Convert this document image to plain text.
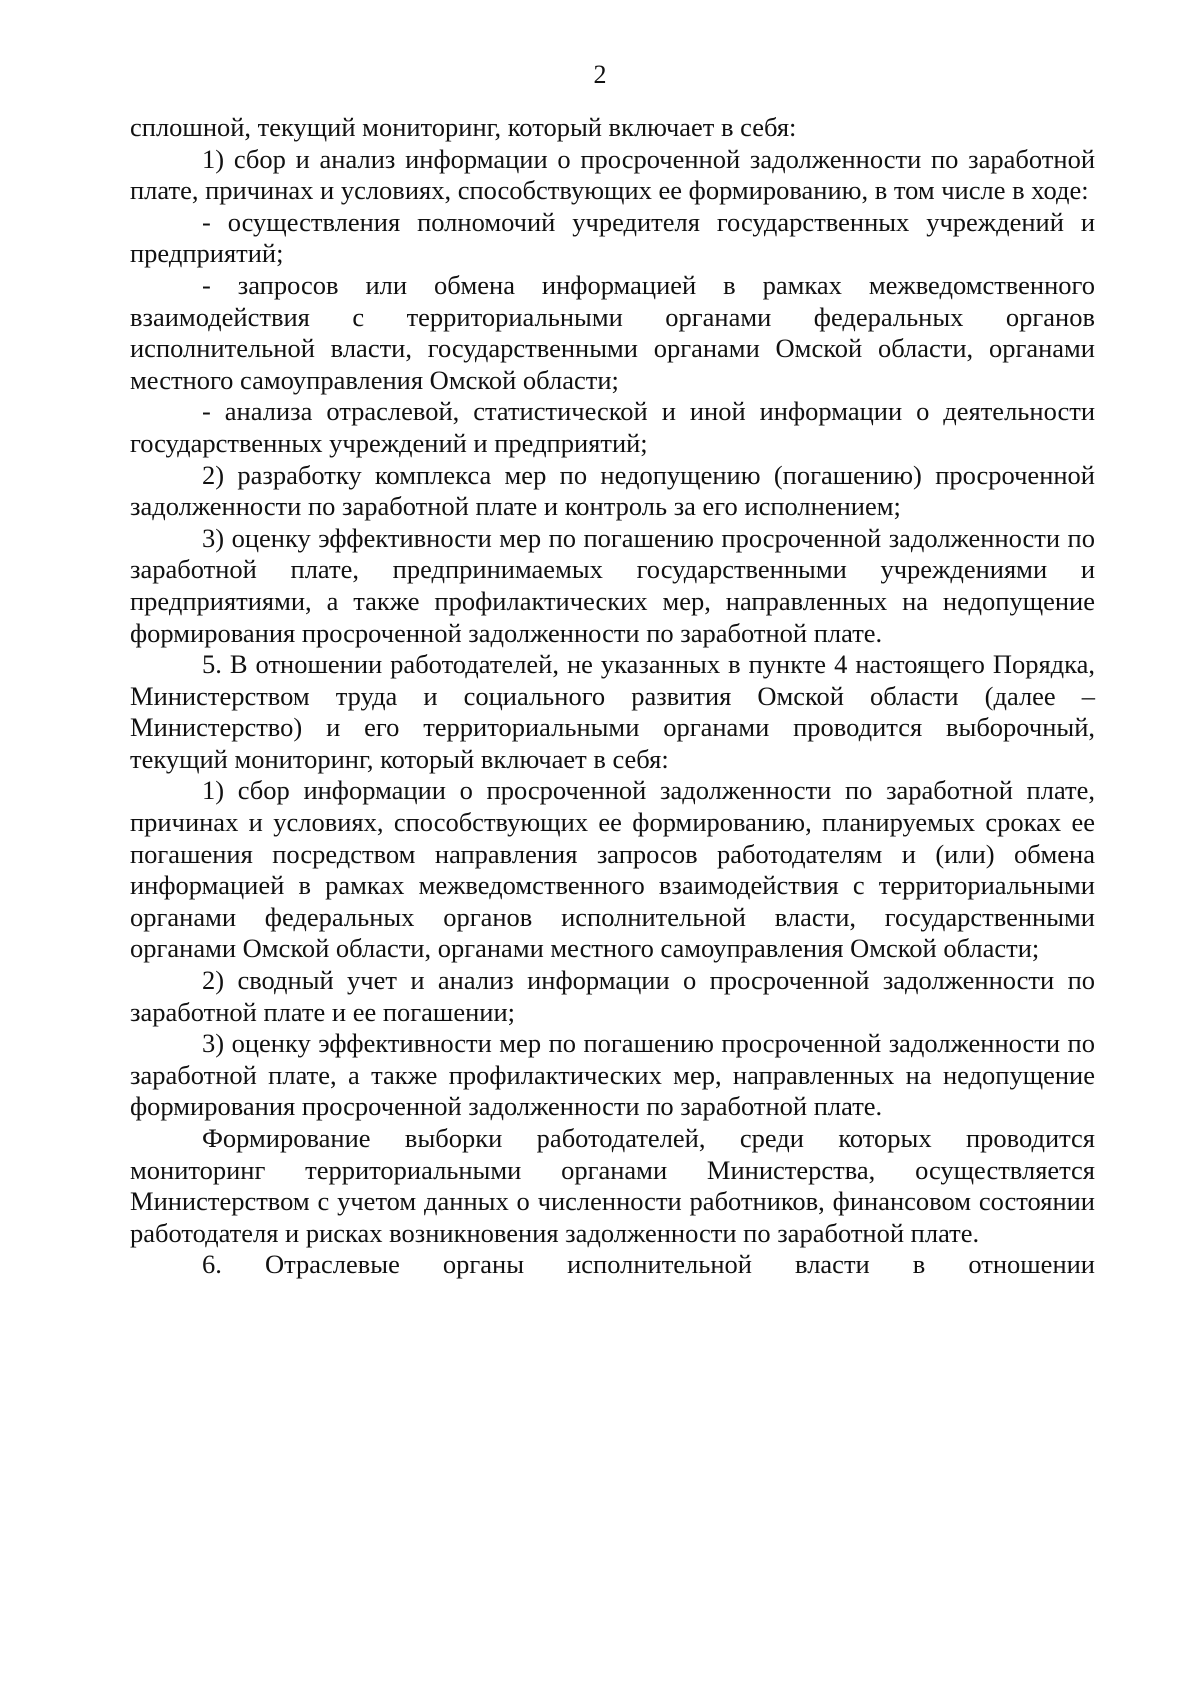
2

сплошной, текущий мониторинг, который включает в себя:

1) сбор и анализ информации о просроченной задолженности по заработной плате, причинах и условиях, способствующих ее формированию, в том числе в ходе:

- осуществления полномочий учредителя государственных учреждений и предприятий;

- запросов или обмена информацией в рамках межведомственного взаимодействия с территориальными органами федеральных органов исполнительной власти, государственными органами Омской области, органами местного самоуправления Омской области;

- анализа отраслевой, статистической и иной информации о деятельности государственных учреждений и предприятий;

2) разработку комплекса мер по недопущению (погашению) просроченной задолженности по заработной плате и контроль за его исполнением;

3) оценку эффективности мер по погашению просроченной задолженности по заработной плате, предпринимаемых государственными учреждениями и предприятиями, а также профилактических мер, направленных на недопущение формирования просроченной задолженности по заработной плате.

5. В отношении работодателей, не указанных в пункте 4 настоящего Порядка, Министерством труда и социального развития Омской области (далее – Министерство) и его территориальными органами проводится выборочный, текущий мониторинг, который включает в себя:

1) сбор информации о просроченной задолженности по заработной плате, причинах и условиях, способствующих ее формированию, планируемых сроках ее погашения посредством направления запросов работодателям и (или) обмена информацией в рамках межведомственного взаимодействия с территориальными органами федеральных органов исполнительной власти, государственными органами Омской области, органами местного самоуправления Омской области;

2) сводный учет и анализ информации о просроченной задолженности по заработной плате и ее погашении;

3) оценку эффективности мер по погашению просроченной задолженности по заработной плате, а также профилактических мер, направленных на недопущение формирования просроченной задолженности по заработной плате.

Формирование выборки работодателей, среди которых проводится мониторинг территориальными органами Министерства, осуществляется Министерством с учетом данных о численности работников, финансовом состоянии работодателя и рисках возникновения задолженности по заработной плате.

6. Отраслевые органы исполнительной власти в отношении
